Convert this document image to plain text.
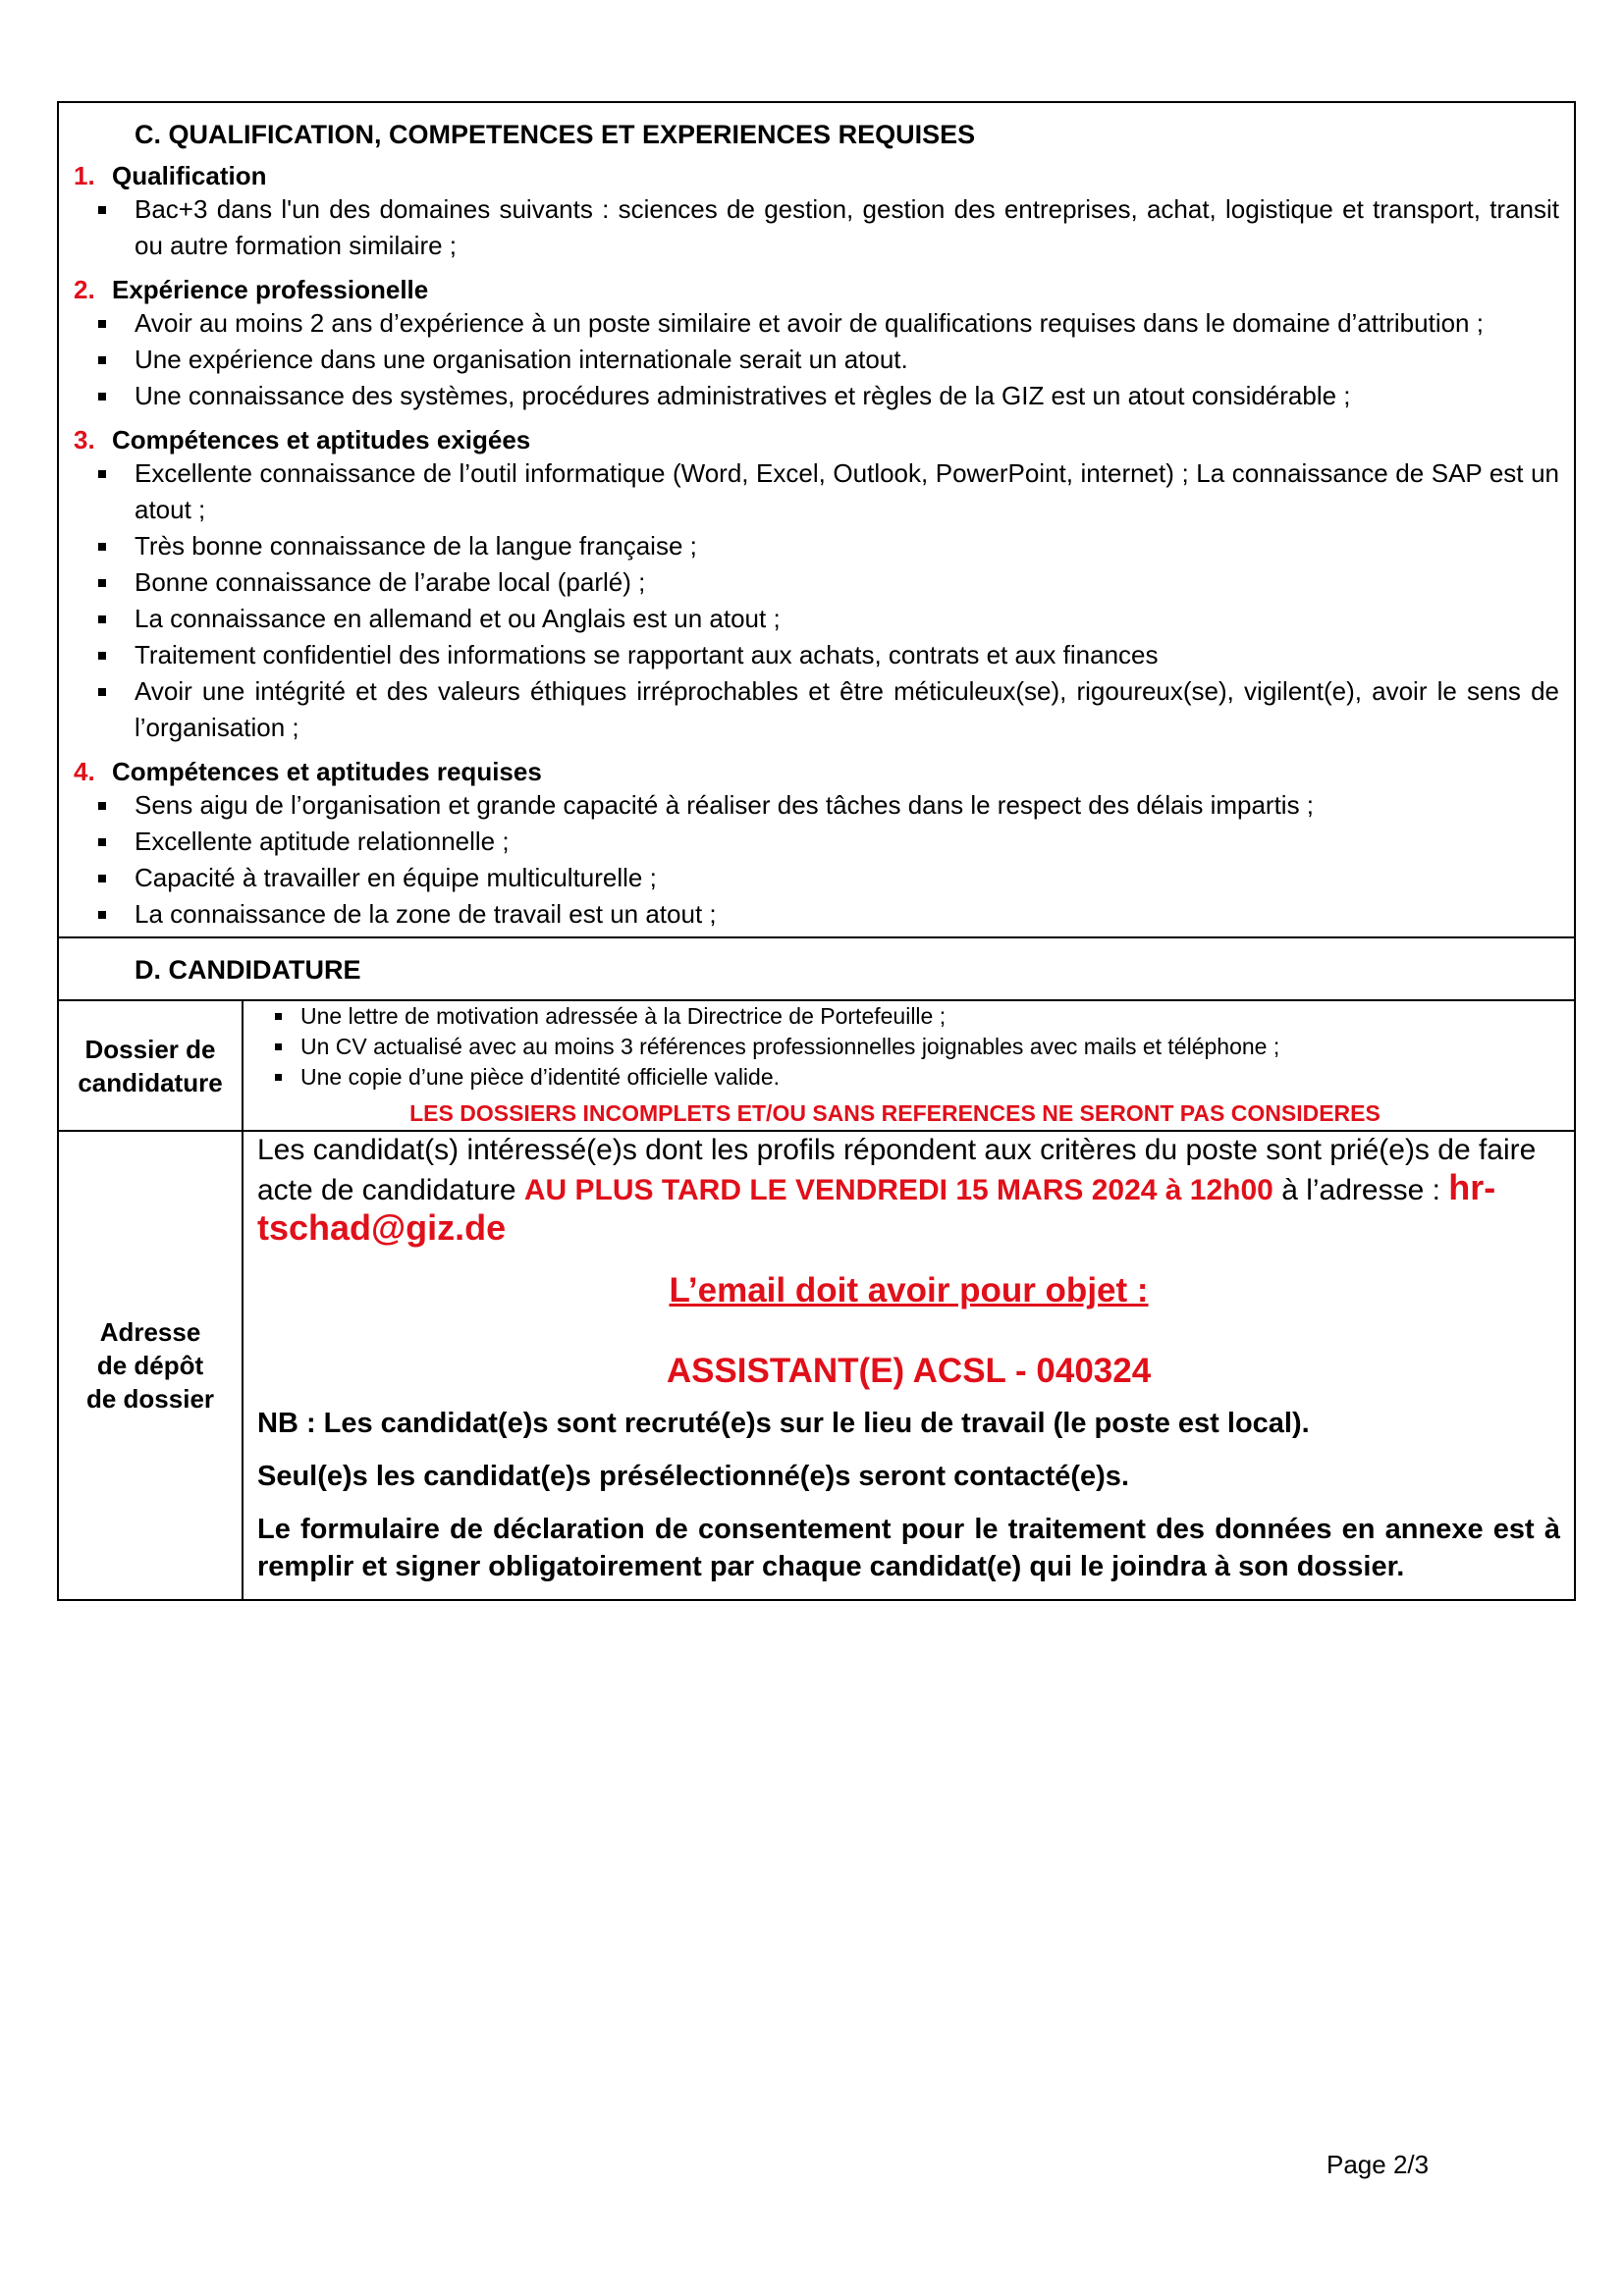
C. QUALIFICATION, COMPETENCES ET EXPERIENCES REQUISES
1. Qualification
Bac+3 dans l'un des domaines suivants : sciences de gestion, gestion des entreprises, achat, logistique et transport, transit ou autre formation similaire ;
2. Expérience professionelle
Avoir au moins 2 ans d’expérience à un poste similaire et avoir de qualifications requises dans le domaine d’attribution ;
Une expérience dans une organisation internationale serait un atout.
Une connaissance des systèmes, procédures administratives et règles de la GIZ est un atout considérable ;
3. Compétences et aptitudes exigées
Excellente connaissance de l’outil informatique (Word, Excel, Outlook, PowerPoint, internet) ; La connaissance de SAP est un atout ;
Très bonne connaissance de la langue française ;
Bonne connaissance de l’arabe local (parlé) ;
La connaissance en allemand et ou Anglais est un atout ;
Traitement confidentiel des informations se rapportant aux achats, contrats et aux finances
Avoir une intégrité et des valeurs éthiques irréprochables et être méticuleux(se), rigoureux(se), vigilent(e), avoir le sens de l’organisation ;
4. Compétences et aptitudes requises
Sens aigu de l’organisation et grande capacité à réaliser des tâches dans le respect des délais impartis ;
Excellente aptitude relationnelle ;
Capacité à travailler en équipe multiculturelle ;
La connaissance de la zone de travail est un atout ;
D. CANDIDATURE
Dossier de
candidature
Une lettre de motivation adressée à la Directrice de Portefeuille ;
Un CV actualisé avec au moins 3 références professionnelles joignables avec mails et téléphone ;
Une copie d’une pièce d’identité officielle valide.
LES DOSSIERS INCOMPLETS ET/OU SANS REFERENCES NE SERONT PAS CONSIDERES
Adresse
de dépôt
de dossier
Les candidat(s) intéressé(e)s dont les profils répondent aux critères du poste sont prié(e)s de faire acte de candidature AU PLUS TARD LE VENDREDI 15 MARS 2024 à 12h00 à l’adresse : hr-tschad@giz.de
L’email doit avoir pour objet :
ASSISTANT(E) ACSL - 040324
NB : Les candidat(e)s sont recruté(e)s sur le lieu de travail (le poste est local).
Seul(e)s les candidat(e)s présélectionné(e)s seront contacté(e)s.
Le formulaire de déclaration de consentement pour le traitement des données en annexe est à remplir et signer obligatoirement par chaque candidat(e) qui le joindra à son dossier.
Page 2/3
